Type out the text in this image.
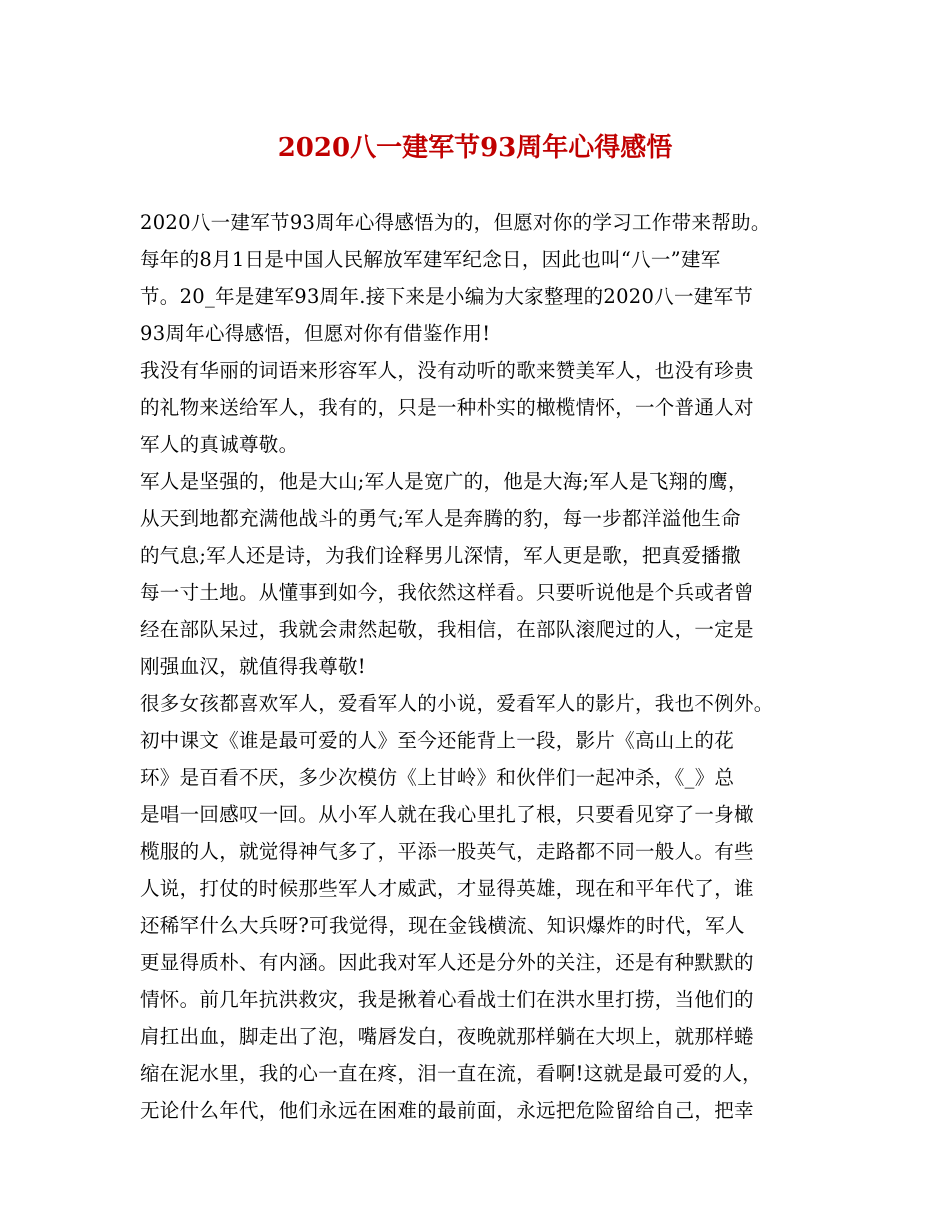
2020八一建军节93周年心得感悟
2020八一建军节93周年心得感悟为的，但愿对你的学习工作带来帮助。
每年的8月1日是中国人民解放军建军纪念日，因此也叫“八一”建军
节。20_年是建军93周年.接下来是小编为大家整理的2020八一建军节
93周年心得感悟，但愿对你有借鉴作用!
我没有华丽的词语来形容军人，没有动听的歌来赞美军人，也没有珍贵
的礼物来送给军人，我有的，只是一种朴实的橄榄情怀，一个普通人对
军人的真诚尊敬。
军人是坚强的，他是大山;军人是宽广的，他是大海;军人是飞翔的鹰，
从天到地都充满他战斗的勇气;军人是奔腾的豹，每一步都洋溢他生命
的气息;军人还是诗，为我们诠释男儿深情，军人更是歌，把真爱播撒
每一寸土地。从懂事到如今，我依然这样看。只要听说他是个兵或者曾
经在部队呆过，我就会肃然起敬，我相信，在部队滚爬过的人，一定是
刚强血汉，就值得我尊敬!
很多女孩都喜欢军人，爱看军人的小说，爱看军人的影片，我也不例外。
初中课文《谁是最可爱的人》至今还能背上一段，影片《高山上的花
环》是百看不厌，多少次模仿《上甘岭》和伙伴们一起冲杀，《_》总
是唱一回感叹一回。从小军人就在我心里扎了根，只要看见穿了一身橄
榄服的人，就觉得神气多了，平添一股英气，走路都不同一般人。有些
人说，打仗的时候那些军人才威武，才显得英雄，现在和平年代了，谁
还稀罕什么大兵呀?可我觉得，现在金钱横流、知识爆炸的时代，军人
更显得质朴、有内涵。因此我对军人还是分外的关注，还是有种默默的
情怀。前几年抗洪救灾，我是揪着心看战士们在洪水里打捞，当他们的
肩扛出血，脚走出了泡，嘴唇发白，夜晚就那样躺在大坝上，就那样蜷
缩在泥水里，我的心一直在疼，泪一直在流，看啊!这就是最可爱的人，
无论什么年代，他们永远在困难的最前面，永远把危险留给自己，把幸
